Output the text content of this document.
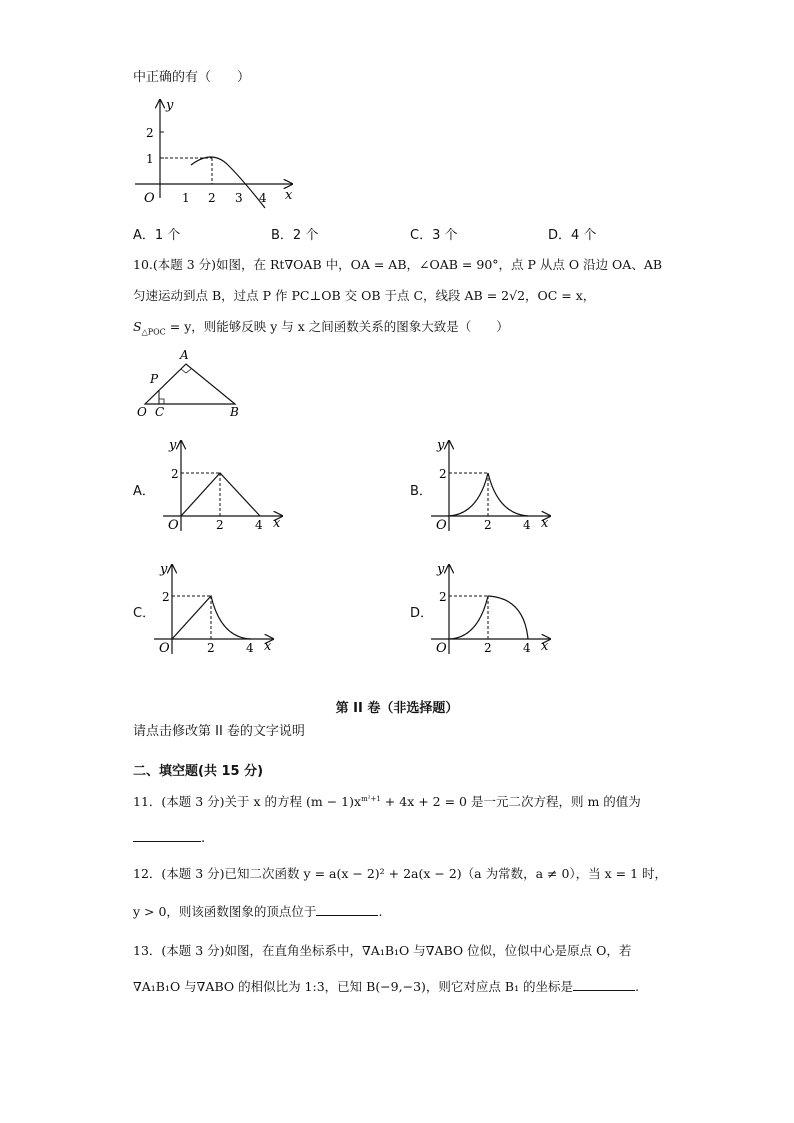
中正确的有（　　）
y
x
O
2
1
1 2 3 4
A．1 个	B．2 个	C．3 个	D．4 个
10.(本题 3 分)如图，在 Rt∇OAB 中，OA = AB，∠OAB = 90°，点 P 从点 O 沿边 OA、AB
匀速运动到点 B，过点 P 作 PC⊥OB 交 OB 于点 C，线段 AB = 2√2，OC = x，
$S_{\triangle POC} = y$，则能够反映 y 与 x 之间函数关系的图象大致是（　　）
A
P
O C	B
A．
y
x
O
2
2	4
B．
y
x
O
2
2	4
C．
y
x
O
2
2	4
D．
y
x
O
2
2	4
第 II 卷（非选择题）
请点击修改第 II 卷的文字说明
二、填空题(共 15 分)
11．(本题 3 分)关于 x 的方程 $(m - 1)x^{m^2+1} + 4x + 2 = 0$ 是一元二次方程，则 m 的值为
.
12．(本题 3 分)已知二次函数 y = a(x − 2)² + 2a(x − 2)（a 为常数，a ≠ 0），当 x = 1 时，
y > 0，则该函数图象的顶点位于	.
13．(本题 3 分)如图，在直角坐标系中，∇A₁B₁O 与∇ABO 位似，位似中心是原点 O，若
∇A₁B₁O 与∇ABO 的相似比为 1:3，已知 B(−9,−3)，则它对应点 B₁ 的坐标是	.
